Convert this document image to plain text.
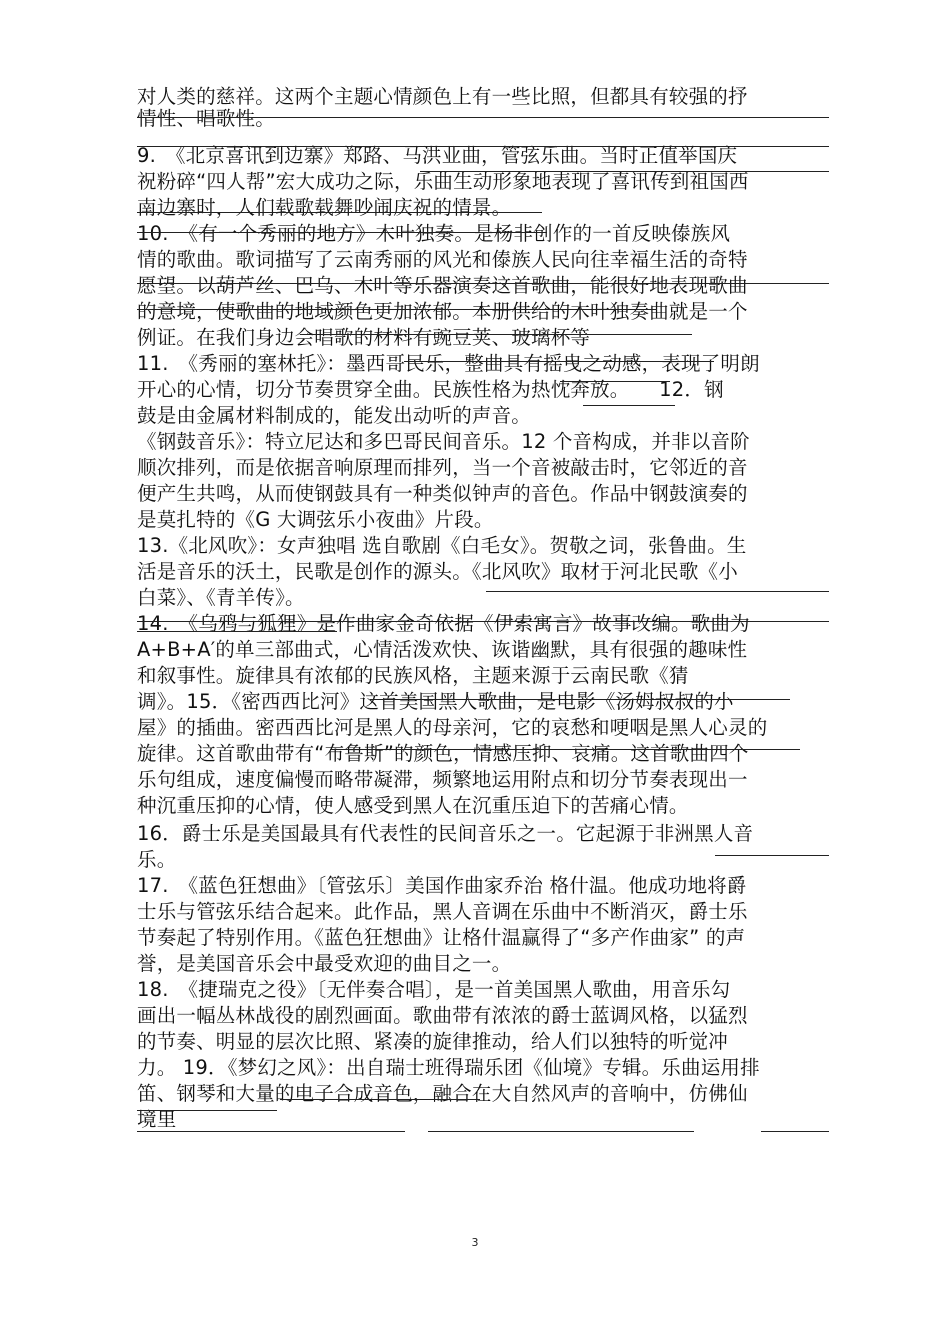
对人类的慈祥。这两个主题心情颜色上有一些比照，但都具有较强的抒
情性、唱歌性。
9.　《北京喜讯到边寨》郑路、马洪业曲，管弦乐曲。当时正值举国庆
祝粉碎“四人帮”宏大成功之际，乐曲生动形象地表现了喜讯传到祖国西
南边寨时，人们载歌载舞吵闹庆祝的情景。
10.　《有一个秀丽的地方》木叶独奏。是杨非创作的一首反映傣族风
情的歌曲。歌词描写了云南秀丽的风光和傣族人民向往幸福生活的奇特
愿望。以葫芦丝、巴乌、木叶等乐器演奏这首歌曲，能很好地表现歌曲
的意境，使歌曲的地域颜色更加浓郁。本册供给的木叶独奏曲就是一个
例证。在我们身边会唱歌的材料有豌豆荚、玻璃杯等
11.　《秀丽的塞林托》：墨西哥民乐，整曲具有摇曳之动感，表现了明朗
开心的心情，切分节奏贯穿全曲。民族性格为热忱奔放。　　12．钢
鼓是由金属材料制成的，能发出动听的声音。
《钢鼓音乐》：特立尼达和多巴哥民间音乐。12 个音构成，并非以音阶
顺次排列，而是依据音响原理而排列，当一个音被敲击时，它邻近的音
便产生共鸣，从而使钢鼓具有一种类似钟声的音色。作品中钢鼓演奏的
是莫扎特的《G 大调弦乐小夜曲》片段。
13.《北风吹》：女声独唱 选自歌剧《白毛女》。贺敬之词，张鲁曲。生
活是音乐的沃土，民歌是创作的源头。《北风吹》取材于河北民歌《小
白菜》、《青羊传》。
14.　《乌鸦与狐狸》是作曲家金奇依据《伊索寓言》故事改编。歌曲为
A+B+A′的单三部曲式，心情活泼欢快、诙谐幽默，具有很强的趣味性
和叙事性。旋律具有浓郁的民族风格，主题来源于云南民歌《猜
调》。15．《密西西比河》这首美国黑人歌曲，是电影《汤姆叔叔的小
屋》的插曲。密西西比河是黑人的母亲河，它的哀愁和哽咽是黑人心灵的
旋律。这首歌曲带有“布鲁斯”的颜色，情感压抑、哀痛。这首歌曲四个
乐句组成，速度偏慢而略带凝滞，频繁地运用附点和切分节奏表现出一
种沉重压抑的心情，使人感受到黑人在沉重压迫下的苦痛心情。
16．爵士乐是美国最具有代表性的民间音乐之一。它起源于非洲黑人音
乐。
17.　《蓝色狂想曲》〔管弦乐〕美国作曲家乔治 格什温。他成功地将爵
士乐与管弦乐结合起来。此作品，黑人音调在乐曲中不断消灭，爵士乐
节奏起了特别作用。《蓝色狂想曲》让格什温赢得了“多产作曲家” 的声
誉，是美国音乐会中最受欢迎的曲目之一。
18.　《捷瑞克之役》〔无伴奏合唱〕，是一首美国黑人歌曲，用音乐勾
画出一幅丛林战役的剧烈画面。歌曲带有浓浓的爵士蓝调风格，以猛烈
的节奏、明显的层次比照、紧凑的旋律推动，给人们以独特的听觉冲
力。 19．《梦幻之风》：出自瑞士班得瑞乐团《仙境》专辑。乐曲运用排
笛、钢琴和大量的电子合成音色，融合在大自然风声的音响中，仿佛仙
境里
3
